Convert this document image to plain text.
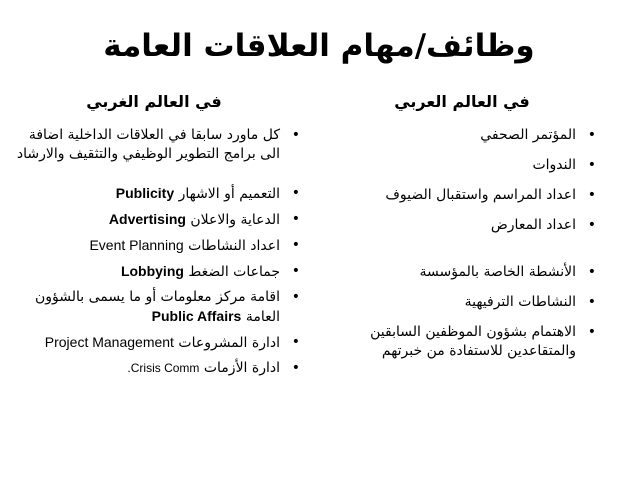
وظائف/مهام العلاقات العامة
في العالم العربي
•
المؤتمر الصحفي
•
الندوات
•
اعداد المراسم واستقبال الضيوف
•
اعداد المعارض
•
الأنشطة الخاصة بالمؤسسة
•
النشاطات الترفيهية
•
الاهتمام بشؤون الموظفين السابقين والمتقاعدين للاستفادة من خبرتهم
في العالم الغربي
•
كل ماورد سابقا في العلاقات الداخلية اضافة الى برامج التطوير الوظيفي والتثقيف والارشاد
•
التعميم أو الاشهار Publicity
•
الدعاية والاعلان Advertising
•
اعداد النشاطات Event Planning
•
جماعات الضغط Lobbying
•
اقامة مركز معلومات أو ما يسمى بالشؤون العامة Public Affairs
•
ادارة المشروعات Project Management
•
ادارة الأزمات Crisis Comm.
